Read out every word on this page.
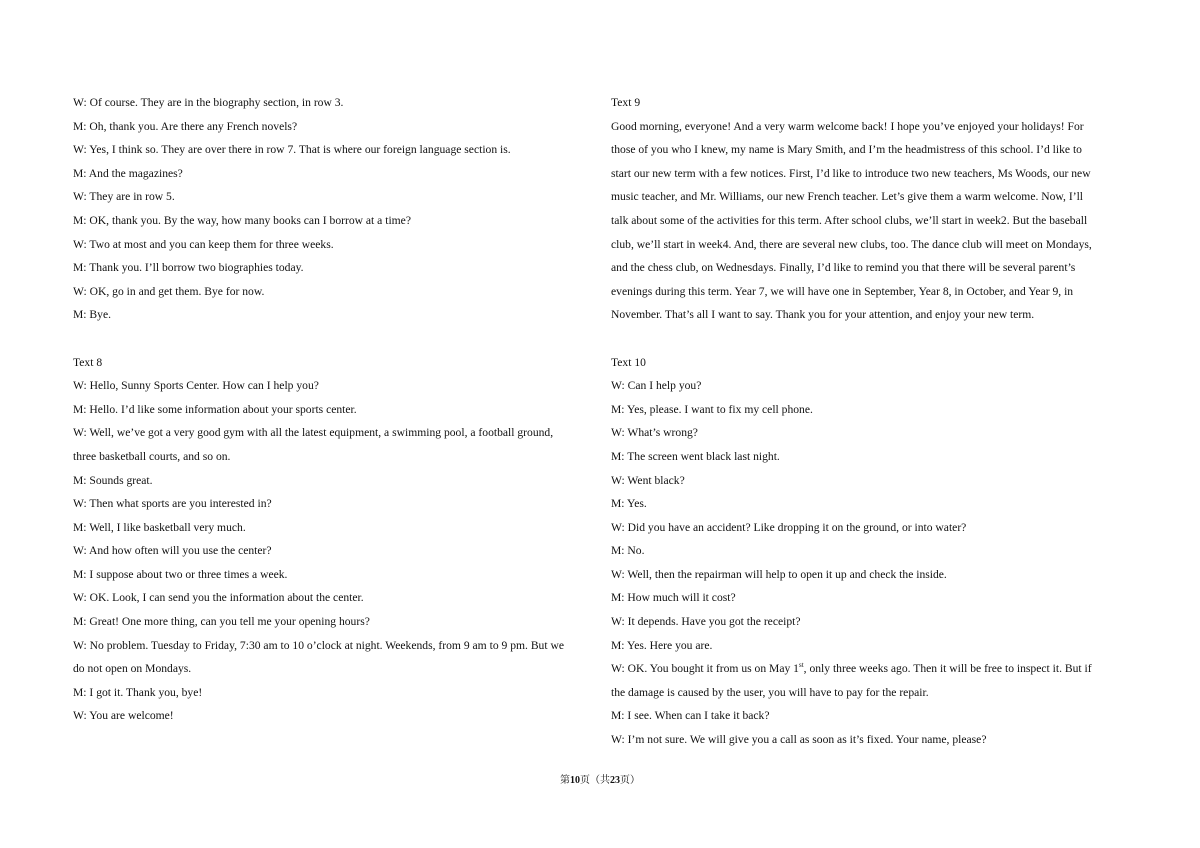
W: Of course. They are in the biography section, in row 3.

M: Oh, thank you. Are there any French novels?

W: Yes, I think so. They are over there in row 7. That is where our foreign language section is.

M: And the magazines?

W: They are in row 5.

M: OK, thank you. By the way, how many books can I borrow at a time?

W: Two at most and you can keep them for three weeks.

M: Thank you. I’ll borrow two biographies today.

W: OK, go in and get them. Bye for now.

M: Bye.

Text 8

W: Hello, Sunny Sports Center. How can I help you?

M: Hello. I’d like some information about your sports center.

W: Well, we’ve got a very good gym with all the latest equipment, a swimming pool, a football ground,

three basketball courts, and so on.

M: Sounds great.

W: Then what sports are you interested in?

M: Well, I like basketball very much.

W: And how often will you use the center?

M: I suppose about two or three times a week.

W: OK. Look, I can send you the information about the center.

M: Great! One more thing, can you tell me your opening hours?

W: No problem. Tuesday to Friday, 7:30 am to 10 o’clock at night. Weekends, from 9 am to 9 pm. But we

do not open on Mondays.

M: I got it. Thank you, bye!

W: You are welcome!

Text 9

Good morning, everyone! And a very warm welcome back! I hope you’ve enjoyed your holidays! For

those of you who I knew, my name is Mary Smith, and I’m the headmistress of this school. I’d like to

start our new term with a few notices. First, I’d like to introduce two new teachers, Ms Woods, our new

music teacher, and Mr. Williams, our new French teacher. Let’s give them a warm welcome. Now, I’ll

talk about some of the activities for this term. After school clubs, we’ll start in week2. But the baseball

club, we’ll start in week4. And, there are several new clubs, too. The dance club will meet on Mondays,

and the chess club, on Wednesdays. Finally, I’d like to remind you that there will be several parent’s

evenings during this term. Year 7, we will have one in September, Year 8, in October, and Year 9, in

November. That’s all I want to say. Thank you for your attention, and enjoy your new term.

Text 10

W: Can I help you?

M: Yes, please. I want to fix my cell phone.

W: What’s wrong?

M: The screen went black last night.

W: Went black?

M: Yes.

W: Did you have an accident? Like dropping it on the ground, or into water?

M: No.

W: Well, then the repairman will help to open it up and check the inside.

M: How much will it cost?

W: It depends. Have you got the receipt?

M: Yes. Here you are.

W: OK. You bought it from us on May 1st, only three weeks ago. Then it will be free to inspect it. But if

the damage is caused by the user, you will have to pay for the repair.

M: I see. When can I take it back?

W: I’m not sure. We will give you a call as soon as it’s fixed. Your name, please?

第10页（共23页）
